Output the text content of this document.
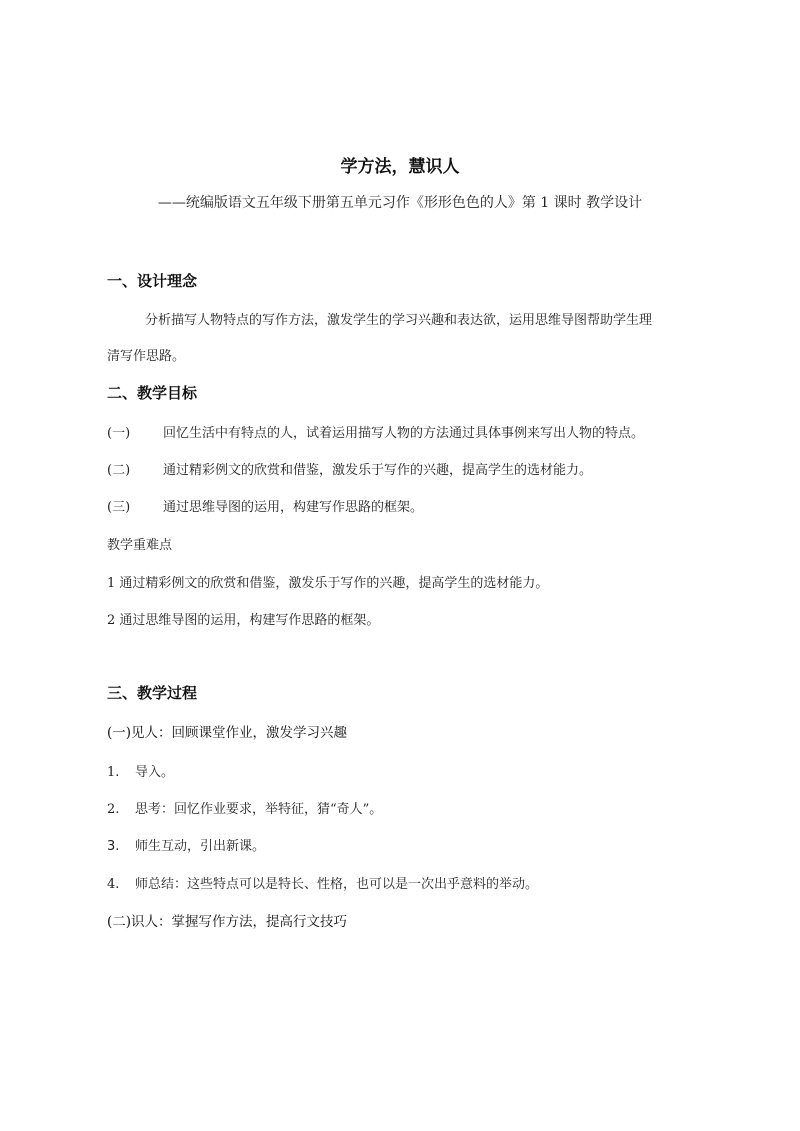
学方法，慧识人
——统编版语文五年级下册第五单元习作《形形色色的人》第 1 课时 教学设计
一、设计理念
分析描写人物特点的写作方法，激发学生的学习兴趣和表达欲，运用思维导图帮助学生理
清写作思路。
二、教学目标
(一)	回忆生活中有特点的人，试着运用描写人物的方法通过具体事例来写出人物的特点。
(二)	通过精彩例文的欣赏和借鉴，激发乐于写作的兴趣，提高学生的选材能力。
(三)	通过思维导图的运用，构建写作思路的框架。
教学重难点
1 通过精彩例文的欣赏和借鉴，激发乐于写作的兴趣，提高学生的选材能力。
2 通过思维导图的运用，构建写作思路的框架。
三、教学过程
(一)见人：回顾课堂作业，激发学习兴趣
1. 导入。
2. 思考：回忆作业要求，举特征，猜“奇人”。
3. 师生互动，引出新课。
4. 师总结：这些特点可以是特长、性格，也可以是一次出乎意料的举动。
(二)识人：掌握写作方法，提高行文技巧
